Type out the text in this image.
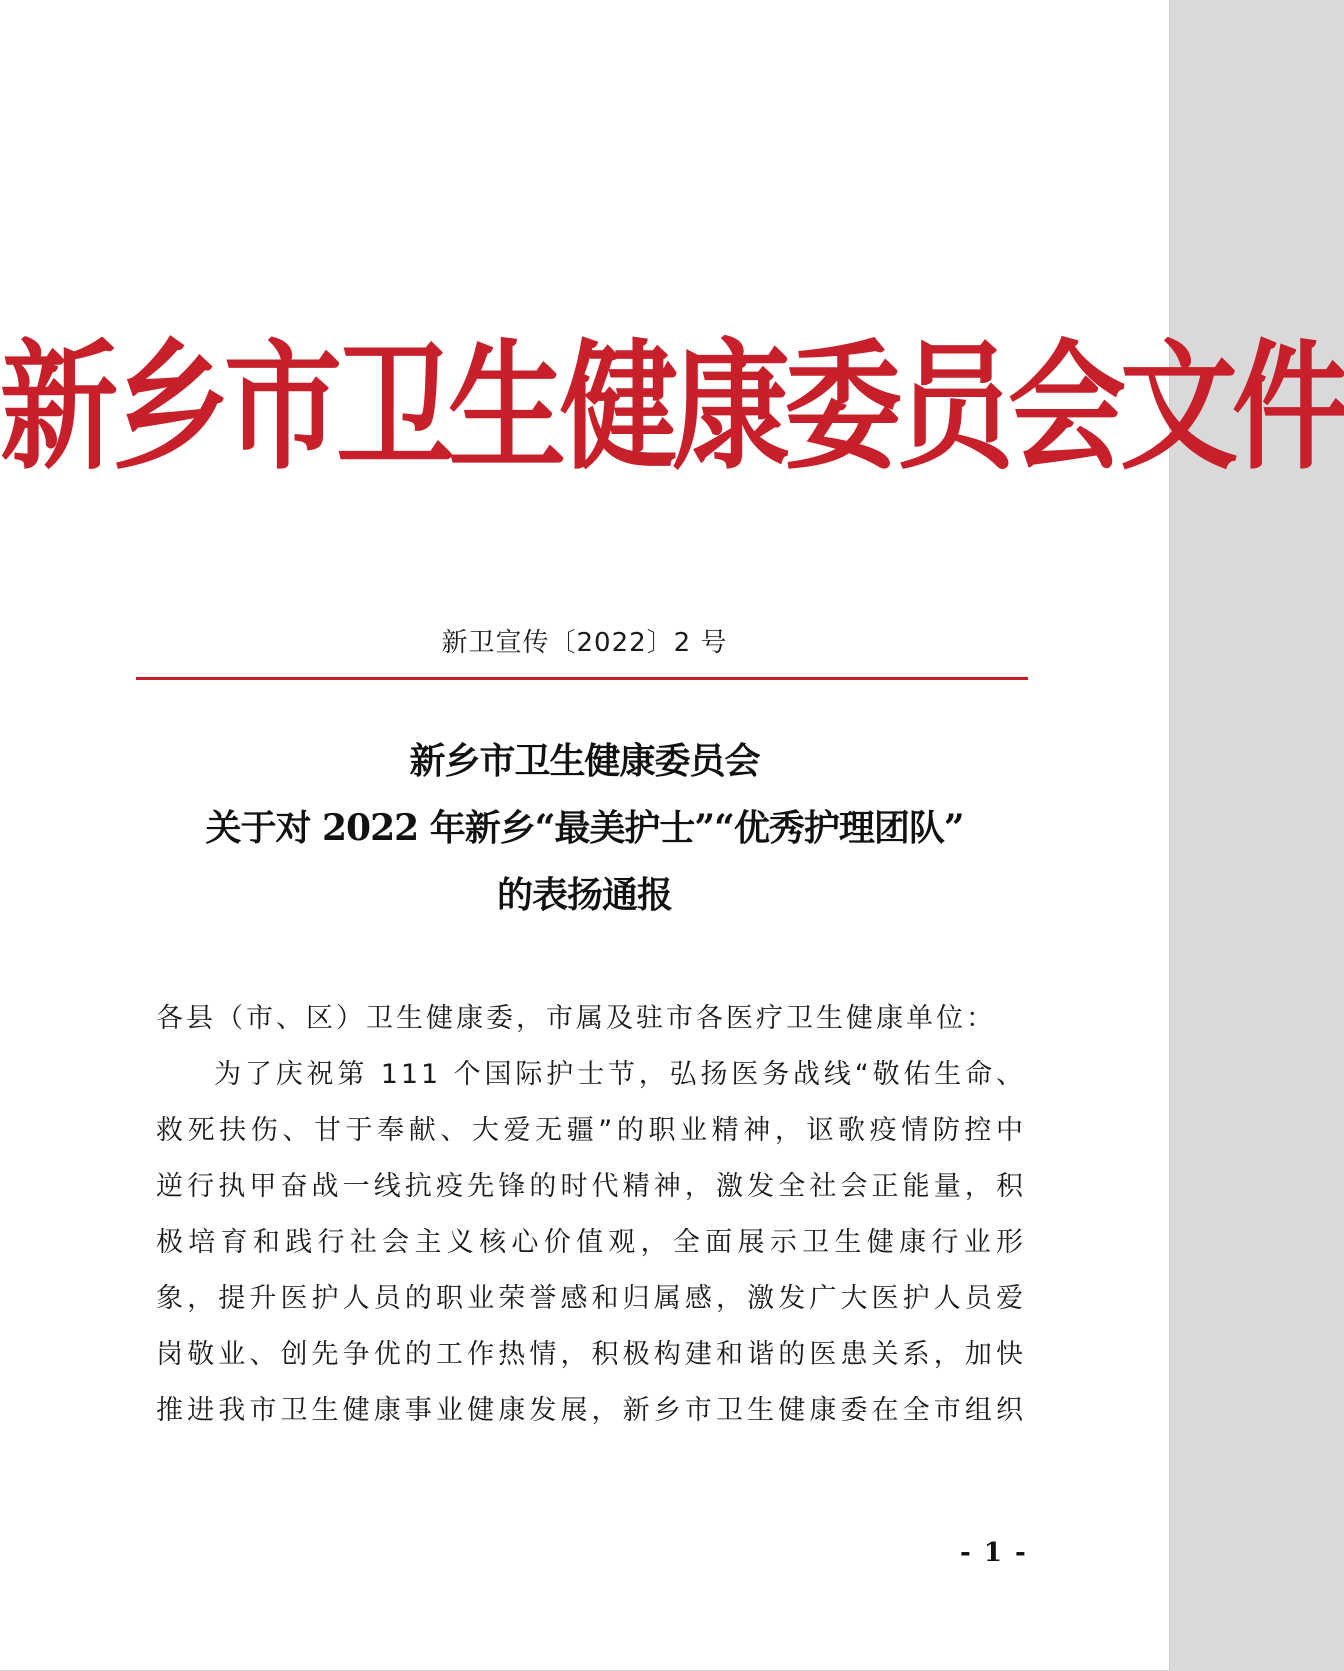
新乡市卫生健康委员会文件
新卫宣传〔2022〕2 号
新乡市卫生健康委员会
关于对 2022 年新乡“最美护士”“优秀护理团队”
的表扬通报
各县（市、区）卫生健康委，市属及驻市各医疗卫生健康单位：
为了庆祝第 111 个国际护士节，弘扬医务战线“敬佑生命、
救死扶伤、甘于奉献、大爱无疆”的职业精神，讴歌疫情防控中
逆行执甲奋战一线抗疫先锋的时代精神，激发全社会正能量，积
极培育和践行社会主义核心价值观，全面展示卫生健康行业形
象，提升医护人员的职业荣誉感和归属感，激发广大医护人员爱
岗敬业、创先争优的工作热情，积极构建和谐的医患关系，加快
推进我市卫生健康事业健康发展，新乡市卫生健康委在全市组织
- 1 -
